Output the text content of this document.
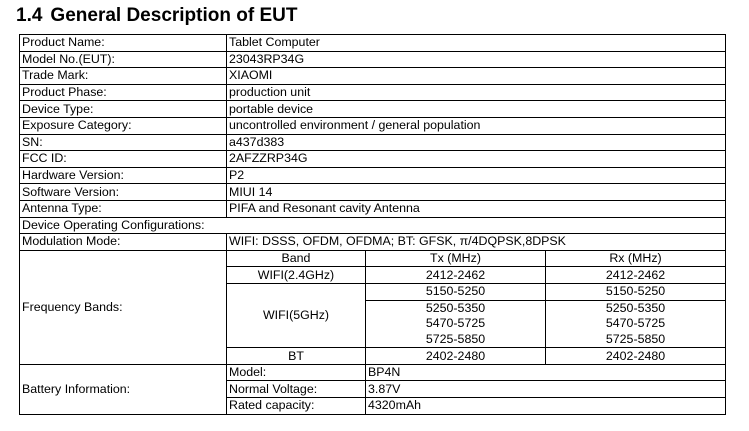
1.4 General Description of EUT
Product Name:	Tablet Computer		
Model No.(EUT):	23043RP34G		
Trade Mark:	XIAOMI		
Product Phase:	production unit		
Device Type:	portable device		
Exposure Category:	uncontrolled environment / general population		
SN:	a437d383		
FCC ID:	2AFZZRP34G		
Hardware Version:	P2		
Software Version:	MIUI 14		
Antenna Type:	PIFA and Resonant cavity Antenna		
Device Operating Configurations:			
Modulation Mode:	WIFI: DSSS, OFDM, OFDMA; BT: GFSK, π/4DQPSK,8DPSK		
Frequency Bands:	Band	Tx (MHz)	Rx (MHz)
	WIFI(2.4GHz)	2412-2462	2412-2462
	WIFI(5GHz)	5150-5250	5150-5250
		5250-5350	5250-5350
		5470-5725	5470-5725
		5725-5850	5725-5850
	BT	2402-2480	2402-2480
Battery Information:	Model:	BP4N	
	Normal Voltage:	3.87V	
	Rated capacity:	4320mAh	
